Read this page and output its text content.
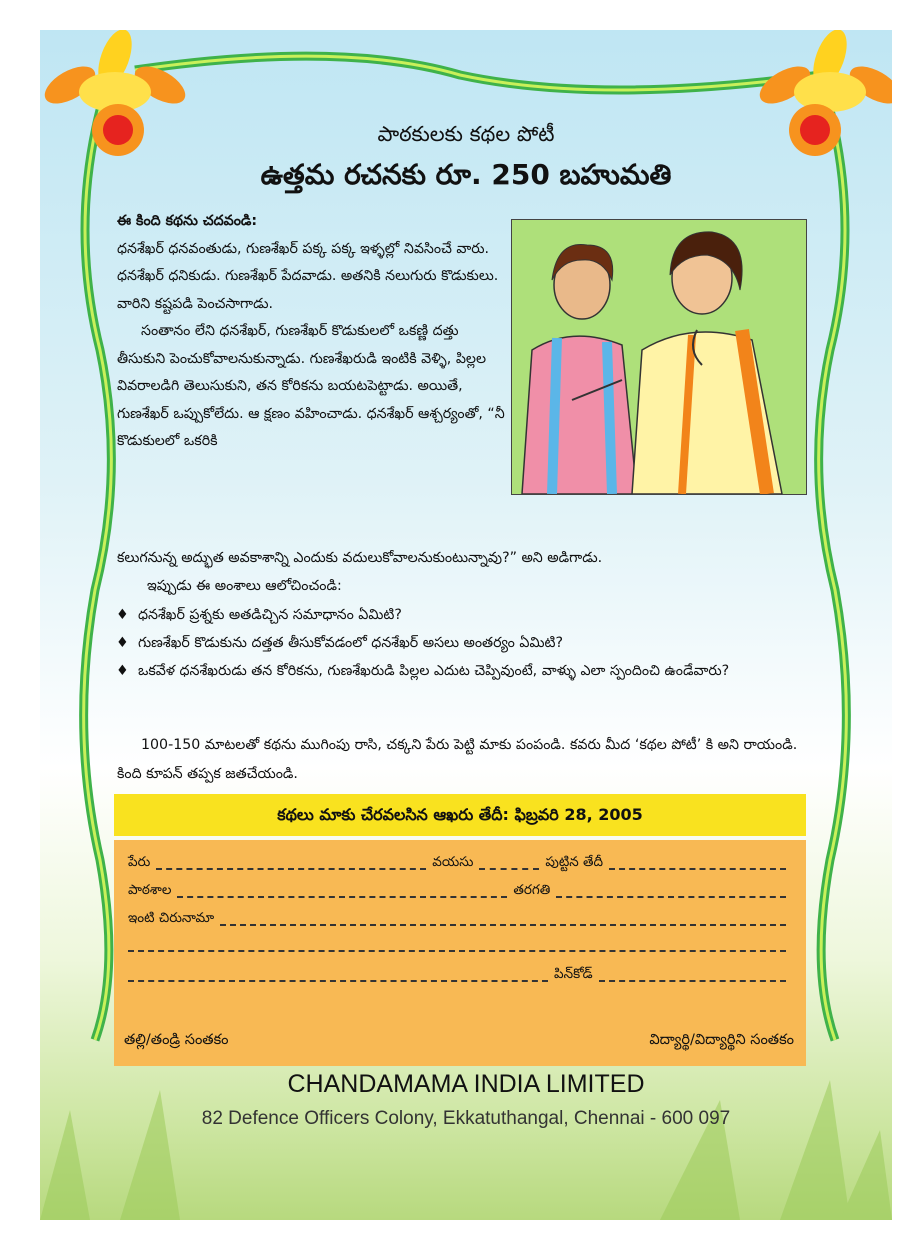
పాఠకులకు కథల పోటీ
ఉత్తమ రచనకు రూ. 250 బహుమతి

ఈ కింది కథను చదవండి:

ధనశేఖర్ ధనవంతుడు, గుణశేఖర్ పక్క పక్క ఇళ్ళల్లో నివసించే వారు. ధనశేఖర్ ధనికుడు. గుణశేఖర్ పేదవాడు. అతనికి నలుగురు కొడుకులు. వారిని కష్టపడి పెంచసాగాడు.

సంతానం లేని ధనశేఖర్, గుణశేఖర్ కొడుకులలో ఒకణ్ణి దత్తు తీసుకుని పెంచుకోవాలనుకున్నాడు. గుణశేఖరుడి ఇంటికి వెళ్ళి, పిల్లల వివరాలడిగి తెలుసుకుని, తన కోరికను బయటపెట్టాడు. అయితే, గుణశేఖర్ ఒప్పుకోలేదు. ఆ క్షణం వహించాడు. ధనశేఖర్ ఆశ్చర్యంతో, “నీ కొడుకులలో ఒకరికి

కలుగనున్న అద్భుత అవకాశాన్ని ఎందుకు వదులుకోవాలనుకుంటున్నావు?” అని అడిగాడు.
ఇప్పుడు ఈ అంశాలు ఆలోచించండి:
♦ ధనశేఖర్ ప్రశ్నకు అతడిచ్చిన సమాధానం ఏమిటి?
♦ గుణశేఖర్ కొడుకును దత్తత తీసుకోవడంలో ధనశేఖర్ అసలు అంతర్యం ఏమిటి?
♦ ఒకవేళ ధనశేఖరుడు తన కోరికను, గుణశేఖరుడి పిల్లల ఎదుట చెప్పివుంటే, వాళ్ళు ఎలా స్పందించి ఉండేవారు?

100-150 మాటలతో కథను ముగింపు రాసి, చక్కని పేరు పెట్టి మాకు పంపండి. కవరు మీద ‘కథల పోటీ’ కి అని రాయండి. కింది కూపన్ తప్పక జతచేయండి.

కథలు మాకు చేరవలసిన ఆఖరు తేదీ: ఫిబ్రవరి 28, 2005
పేరు	వయసు	పుట్టిన తేదీ
పాఠశాల	తరగతి
ఇంటి చిరునామా
పిన్‌కోడ్
తల్లి/తండ్రి సంతకం	విద్యార్థి/విద్యార్థిని సంతకం
CHANDAMAMA INDIA LIMITED
82 Defence Officers Colony, Ekkatuthangal, Chennai - 600 097
